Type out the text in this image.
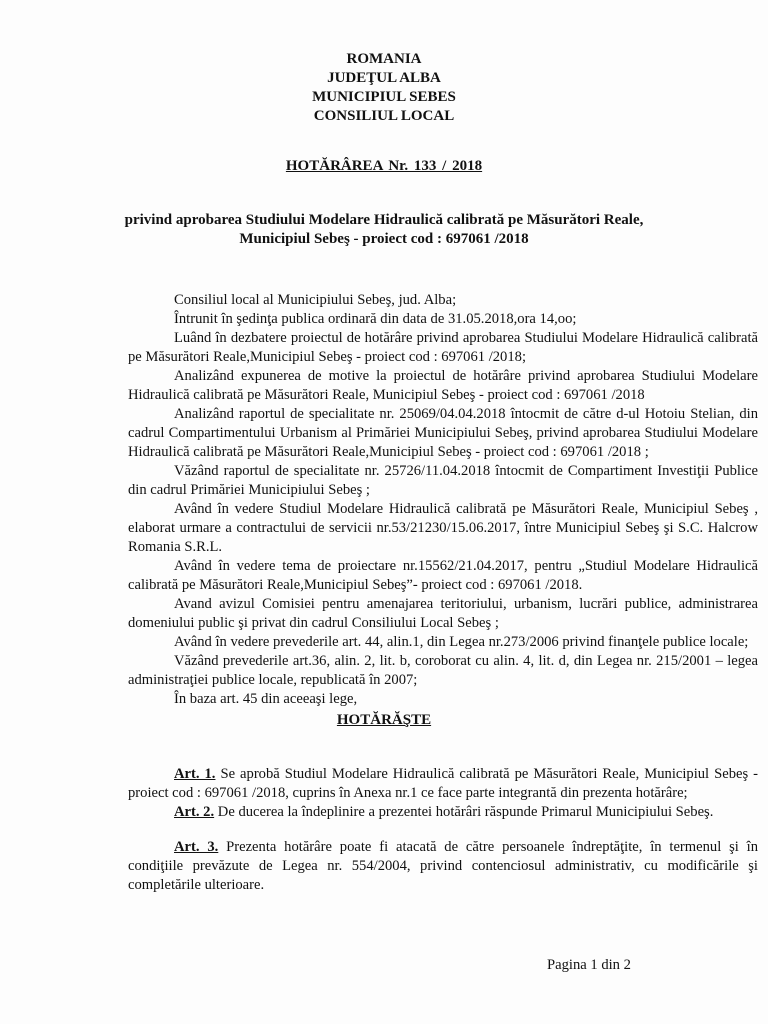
ROMANIA
JUDEŢUL ALBA
MUNICIPIUL SEBES
CONSILIUL LOCAL
HOTĂRÂREA Nr. 133 / 2018
privind aprobarea Studiului Modelare Hidraulică calibrată pe Măsurători Reale,
Municipiul Sebeş - proiect cod : 697061 /2018

Consiliul local al Municipiului Sebeş, jud. Alba;

Întrunit în şedinţa publica ordinară din data de 31.05.2018,ora 14,oo;

Luând în dezbatere proiectul de hotărâre privind aprobarea Studiului Modelare Hidraulică calibrată pe Măsurători Reale,Municipiul Sebeş - proiect cod : 697061 /2018;

Analizând expunerea de motive la proiectul de hotărâre privind aprobarea Studiului Modelare Hidraulică calibrată pe Măsurători Reale, Municipiul Sebeş - proiect cod : 697061 /2018

Analizând raportul de specialitate nr. 25069/04.04.2018 întocmit de către d-ul Hotoiu Stelian, din cadrul Compartimentului Urbanism al Primăriei Municipiului Sebeş, privind aprobarea Studiului Modelare Hidraulică calibrată pe Măsurători Reale,Municipiul Sebeş - proiect cod : 697061 /2018 ;

Văzând raportul de specialitate nr. 25726/11.04.2018 întocmit de Compartiment Investiţii Publice din cadrul Primăriei Municipiului Sebeş ;

Având în vedere Studiul Modelare Hidraulică calibrată pe Măsurători Reale, Municipiul Sebeş , elaborat urmare a contractului de servicii nr.53/21230/15.06.2017, între Municipiul Sebeş şi S.C. Halcrow Romania S.R.L.

Având în vedere tema de proiectare nr.15562/21.04.2017, pentru „Studiul Modelare Hidraulică calibrată pe Măsurători Reale,Municipiul Sebeş”- proiect cod : 697061 /2018.

Avand avizul Comisiei pentru amenajarea teritoriului, urbanism, lucrări publice, administrarea domeniului public şi privat din cadrul Consiliului Local Sebeş ;

Având în vedere prevederile art. 44, alin.1, din Legea nr.273/2006 privind finanţele publice locale;

Văzând prevederile art.36, alin. 2, lit. b, coroborat cu alin. 4, lit. d, din Legea nr. 215/2001 – legea administraţiei publice locale, republicată în 2007;

În baza art. 45 din aceeaşi lege,

HOTĂRĂŞTE

Art. 1. Se aprobă Studiul Modelare Hidraulică calibrată pe Măsurători Reale, Municipiul Sebeş - proiect cod : 697061 /2018, cuprins în Anexa nr.1 ce face parte integrantă din prezenta hotărâre;

Art. 2. De ducerea la îndeplinire a prezentei hotărâri răspunde Primarul Municipiului Sebeş.

Art. 3. Prezenta hotărâre poate fi atacată de către persoanele îndreptăţite, în termenul şi în condiţiile prevăzute de Legea nr. 554/2004, privind contenciosul administrativ, cu modificările şi completările ulterioare.

Pagina 1 din 2
